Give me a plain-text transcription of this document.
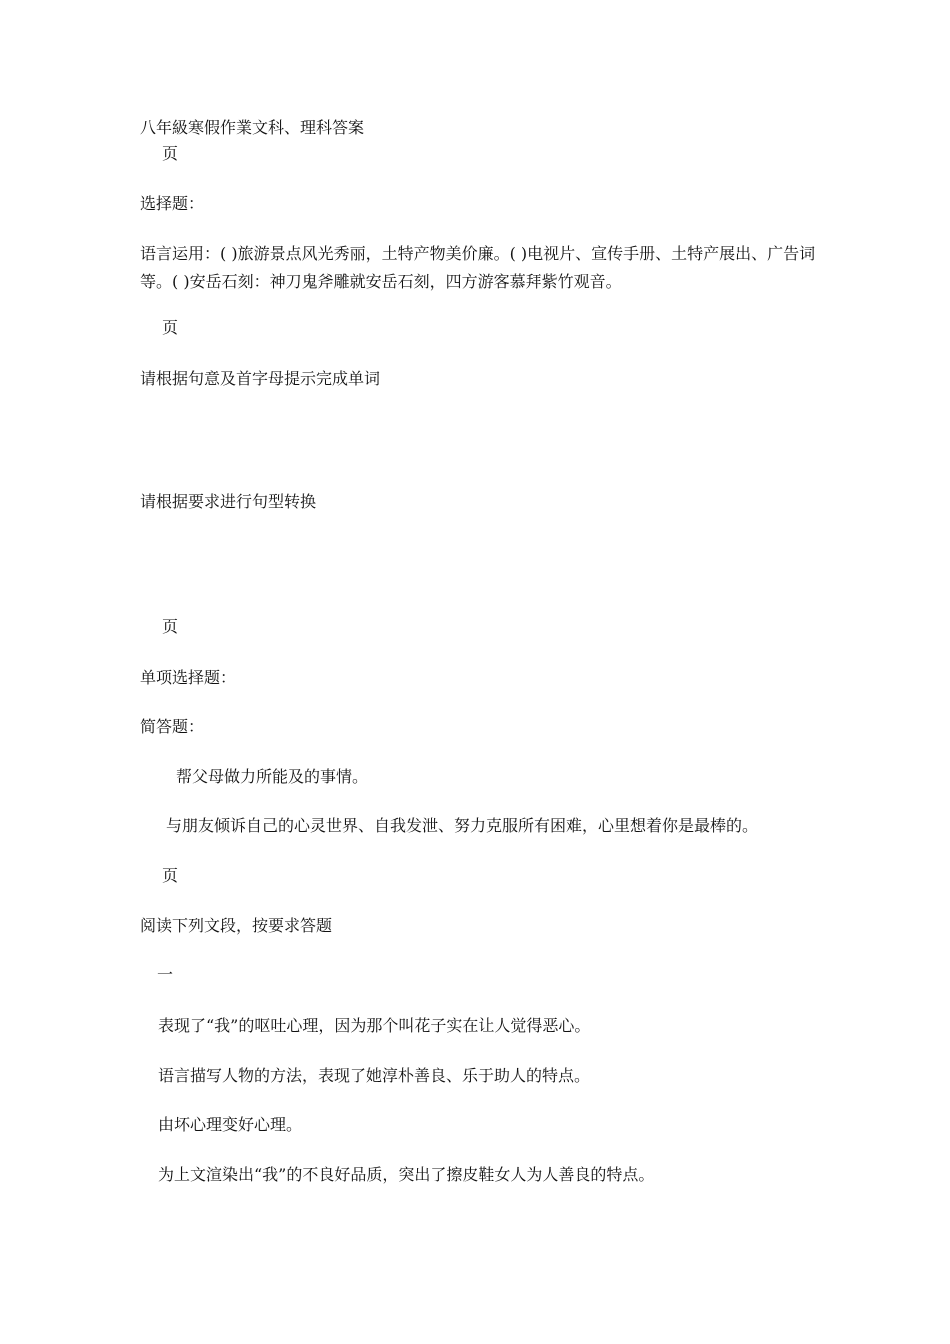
八年級寒假作業文科、理科答案

页

选择题：

语言运用：( )旅游景点风光秀丽，土特产物美价廉。( )电视片、宣传手册、土特产展出、广告词等。( )安岳石刻：神刀鬼斧雕就安岳石刻，四方游客慕拜紫竹观音。

页

请根据句意及首字母提示完成单词

请根据要求进行句型转换

页

单项选择题：

简答题：

帮父母做力所能及的事情。

与朋友倾诉自己的心灵世界、自我发泄、努力克服所有困难，心里想着你是最棒的。

页

阅读下列文段，按要求答题

一

表现了“我”的呕吐心理，因为那个叫花子实在让人觉得恶心。

语言描写人物的方法，表现了她淳朴善良、乐于助人的特点。

由坏心理变好心理。

为上文渲染出“我”的不良好品质，突出了擦皮鞋女人为人善良的特点。
